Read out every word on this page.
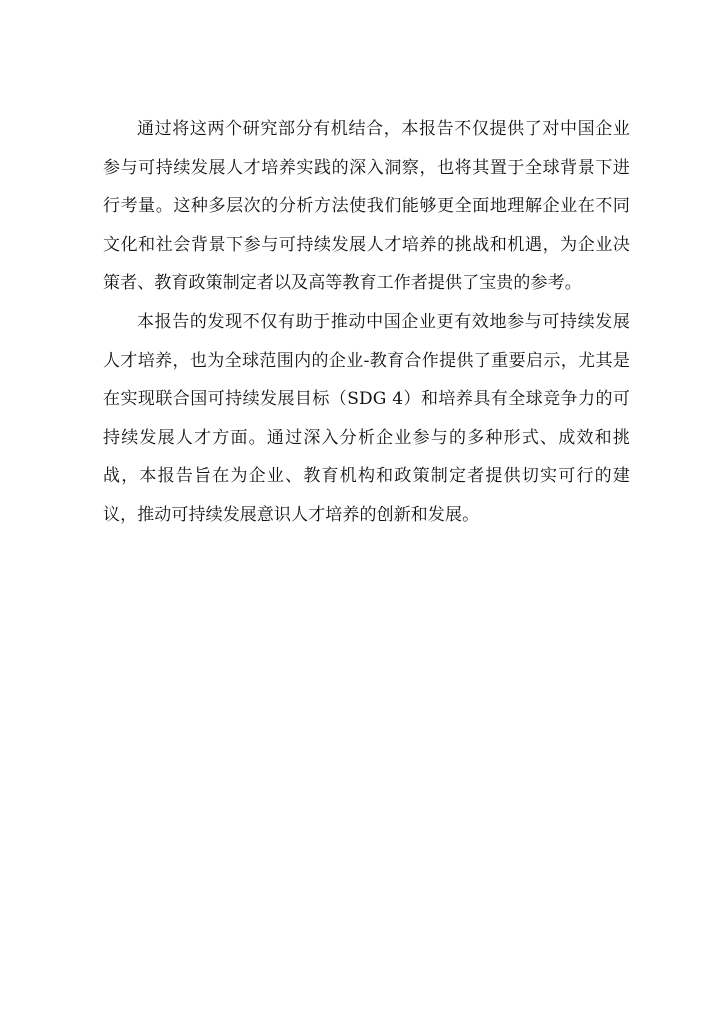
通过将这两个研究部分有机结合，本报告不仅提供了对中国企业参与可持续发展人才培养实践的深入洞察，也将其置于全球背景下进行考量。这种多层次的分析方法使我们能够更全面地理解企业在不同文化和社会背景下参与可持续发展人才培养的挑战和机遇，为企业决策者、教育政策制定者以及高等教育工作者提供了宝贵的参考。

本报告的发现不仅有助于推动中国企业更有效地参与可持续发展人才培养，也为全球范围内的企业-教育合作提供了重要启示，尤其是在实现联合国可持续发展目标（SDG 4）和培养具有全球竞争力的可持续发展人才方面。通过深入分析企业参与的多种形式、成效和挑战，本报告旨在为企业、教育机构和政策制定者提供切实可行的建议，推动可持续发展意识人才培养的创新和发展。
